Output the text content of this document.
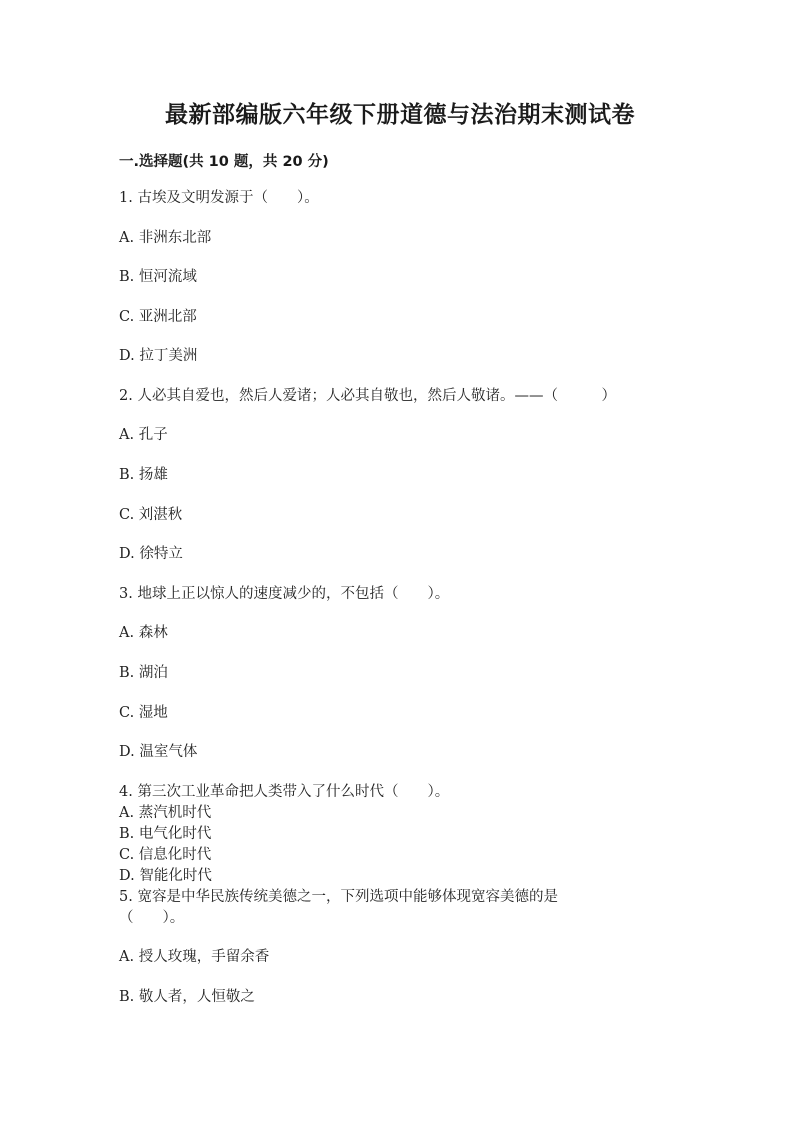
最新部编版六年级下册道德与法治期末测试卷
一.选择题(共 10 题，共 20 分)
1. 古埃及文明发源于（　　）。
A. 非洲东北部
B. 恒河流域
C. 亚洲北部
D. 拉丁美洲
2. 人必其自爱也，然后人爱诸；人必其自敬也，然后人敬诸。——（　　　）
A. 孔子
B. 扬雄
C. 刘湛秋
D. 徐特立
3. 地球上正以惊人的速度减少的，不包括（　　）。
A. 森林
B. 湖泊
C. 湿地
D. 温室气体
4. 第三次工业革命把人类带入了什么时代（　　）。
A. 蒸汽机时代
B. 电气化时代
C. 信息化时代
D. 智能化时代
5. 宽容是中华民族传统美德之一，下列选项中能够体现宽容美德的是
（　　）。
A. 授人玫瑰，手留余香
B. 敬人者，人恒敬之
